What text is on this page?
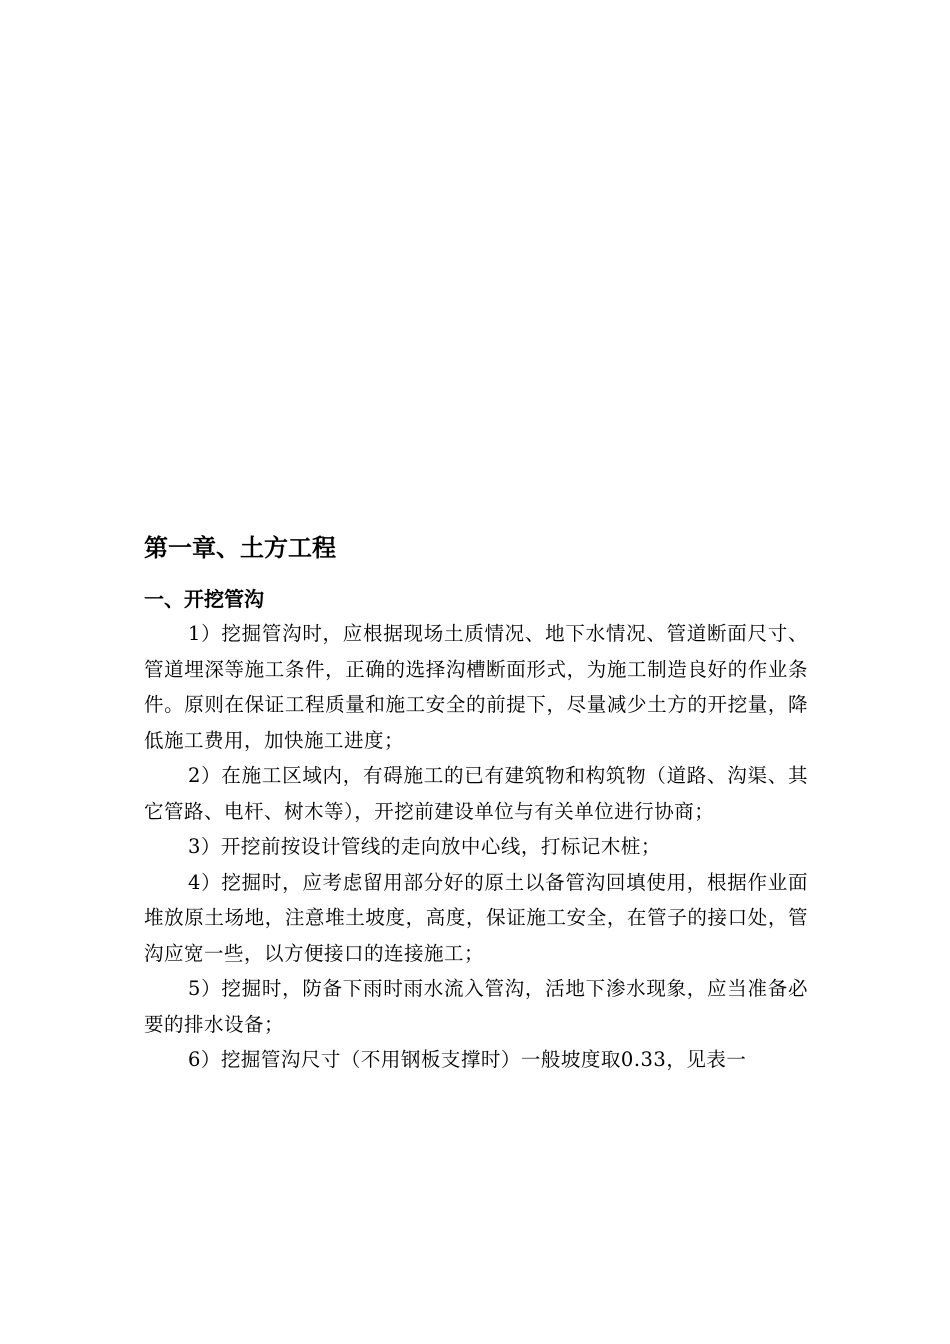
第一章、土方工程
一、开挖管沟

1）挖掘管沟时，应根据现场土质情况、地下水情况、管道断面尺寸、管道埋深等施工条件，正确的选择沟槽断面形式，为施工制造良好的作业条件。原则在保证工程质量和施工安全的前提下，尽量减少土方的开挖量，降低施工费用，加快施工进度；

2）在施工区域内，有碍施工的已有建筑物和构筑物（道路、沟渠、其它管路、电杆、树木等），开挖前建设单位与有关单位进行协商；

3）开挖前按设计管线的走向放中心线，打标记木桩；

4）挖掘时，应考虑留用部分好的原土以备管沟回填使用，根据作业面堆放原土场地，注意堆土坡度，高度，保证施工安全，在管子的接口处，管沟应宽一些，以方便接口的连接施工；

5）挖掘时，防备下雨时雨水流入管沟，活地下渗水现象，应当准备必要的排水设备；

6）挖掘管沟尺寸（不用钢板支撑时）一般坡度取0.33，见表一
